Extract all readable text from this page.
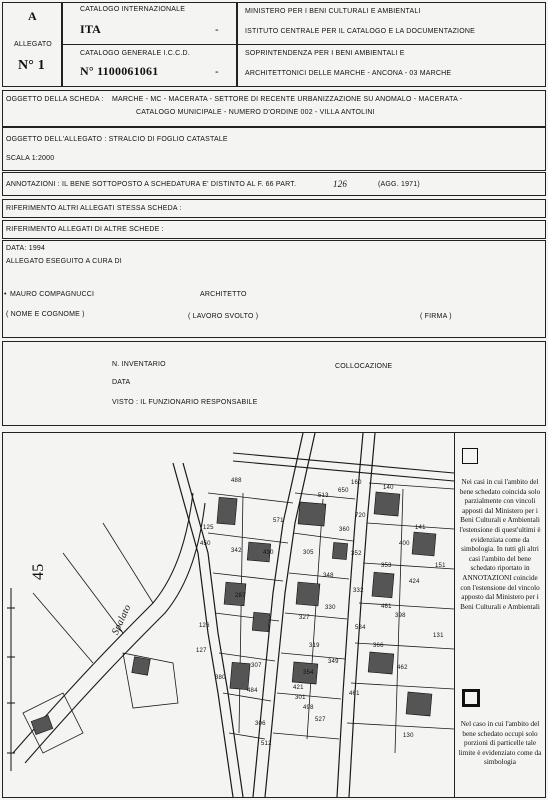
A
ALLEGATO
N° 1
CATALOGO INTERNAZIONALE
ITA	-
CATALOGO GENERALE I.C.C.D.
N° 1100061061	-
MINISTERO PER I BENI CULTURALI E AMBIENTALI
ISTITUTO CENTRALE PER IL CATALOGO E LA DOCUMENTAZIONE
SOPRINTENDENZA PER I BENI AMBIENTALI E
ARCHITETTONICI DELLE MARCHE - ANCONA - 03 MARCHE
OGGETTO DELLA SCHEDA : MARCHE - MC - MACERATA - SETTORE DI RECENTE URBANIZZAZIONE SU ANOMALO - MACERATA -
CATALOGO MUNICIPALE - NUMERO D'ORDINE 002 - VILLA ANTOLINI
OGGETTO DELL'ALLEGATO : STRALCIO DI FOGLIO CATASTALE
SCALA 1:2000
ANNOTAZIONI : IL BENE SOTTOPOSTO A SCHEDATURA E' DISTINTO AL F. 66 PART.	126	(AGG. 1971)
RIFERIMENTO ALTRI ALLEGATI STESSA SCHEDA :
RIFERIMENTO ALLEGATI DI ALTRE SCHEDE :
DATA: 1994
ALLEGATO ESEGUITO A CURA DI
• MAURO COMPAGNUCCI	ARCHITETTO
( NOME E COGNOME )	( LAVORO SVOLTO )	( FIRMA )
N. INVENTARIO	COLLOCAZIONE
DATA
VISTO : IL FUNZIONARIO RESPONSABILE
45
Spalato
571
125
450
342	430	305
287
126
127
380
484
327
306
319
354
301
332
461
534
366
398
421
498
527
461
512
130
131
151
140
141
488	160
720
513
650
348
349
307
330
352
353
360
400
424
462
Nei casi in cui l'ambito del bene schedato coincida solo parzialmente con vincoli apposti dal Ministero per i Beni Culturali e Ambientali l'estensione di quest'ultimi è evidenziata come da simbologia. In tutti gli altri casi l'ambito del bene schedato riportato in ANNOTAZIONI coincide con l'estensione del vincolo apposto dal Ministero per i Beni Culturali e Ambientali
Nel caso in cui l'ambito del bene schedato occupi solo porzioni di particelle tale limite è evidenziato come da simbologia
